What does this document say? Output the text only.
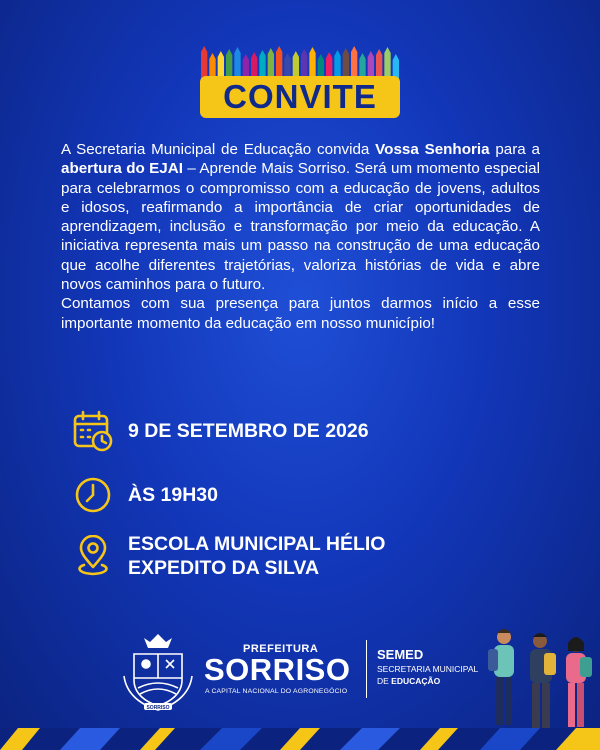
CONVITE

A Secretaria Municipal de Educação convida Vossa Senhoria para a abertura do EJAI – Aprende Mais Sorriso. Será um momento especial para celebrarmos o compromisso com a educação de jovens, adultos e idosos, reafirmando a importância de criar oportunidades de aprendizagem, inclusão e transformação por meio da educação. A iniciativa representa mais um passo na construção de uma educação que acolhe diferentes trajetórias, valoriza histórias de vida e abre novos caminhos para o futuro.

Contamos com sua presença para juntos darmos início a esse importante momento da educação em nosso município!

9 DE SETEMBRO DE 2026
ÀS 19H30
ESCOLA MUNICIPAL HÉLIO
EXPEDITO DA SILVA
SORRISO
PREFEITURA
SORRISO
A CAPITAL NACIONAL DO AGRONEGÓCIO
SEMED
SECRETARIA MUNICIPAL
DE EDUCAÇÃO
